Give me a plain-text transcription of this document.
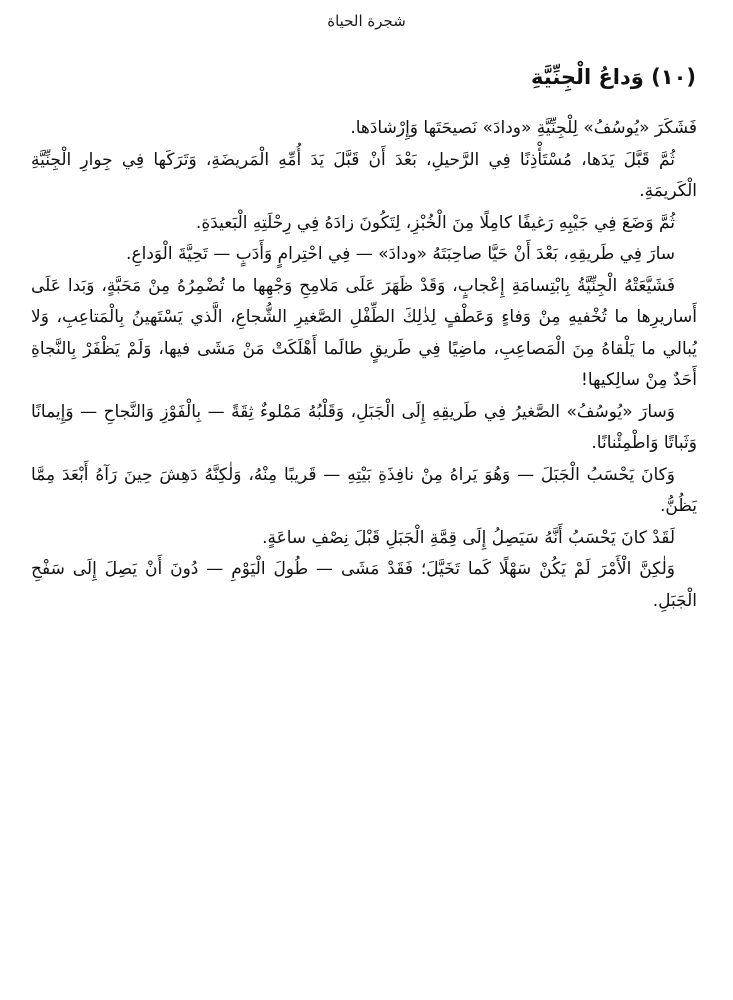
شجرة الحياة
(١٠) وَداعُ الْجِنِّيَّةِ

فَشَكَرَ «يُوسُفُ» لِلْجِنِّيَّةِ «ودادَ» نَصيحَتَها وَإِرْشادَها.

ثُمَّ قَبَّلَ يَدَها، مُسْتَأْذِنًا فِي الرَّحيلِ، بَعْدَ أَنْ قَبَّلَ يَدَ أُمِّهِ الْمَريضَةِ، وَتَرَكَها فِي جِوارِ الْجِنِّيَّةِ الْكَريمَةِ.

ثُمَّ وَضَعَ فِي جَيْبِهِ رَغيفًا كامِلًا مِنَ الْخُبْزِ، لِتَكُونَ زادَهُ فِي رِحْلَتِهِ الْبَعيدَةِ.

سارَ فِي طَريقِهِ، بَعْدَ أَنْ حَيَّا صاحِبَتَهُ «ودادَ» — فِي احْتِرامٍ وَأَدَبٍ — تَحِيَّةَ الْوَداعِ.

فَشَيَّعَتْهُ الْجِنِّيَّةُ بِابْتِسامَةِ إِعْجابٍ، وَقَدْ ظَهَرَ عَلَى مَلامِحِ وَجْهِها ما تُضْمِرُهُ مِنْ مَحَبَّةٍ، وَبَدا عَلَى أَساريرِها ما تُخْفيهِ مِنْ وَفاءٍ وَعَطْفٍ لِذٰلِكَ الطِّفْلِ الصَّغيرِ الشُّجاعِ، الَّذي يَسْتَهينُ بِالْمَتاعِبِ، وَلا يُبالي ما يَلْقاهُ مِنَ الْمَصاعِبِ، ماضِيًا فِي طَريقٍ طالَما أَهْلَكَتْ مَنْ مَشَى فيها، وَلَمْ يَظْفَرْ بِالنَّجاةِ أَحَدٌ مِنْ سالِكيها!

وَسارَ «يُوسُفُ» الصَّغيرُ فِي طَريقِهِ إِلَى الْجَبَلِ، وَقَلْبُهُ مَمْلوءٌ ثِقَةً — بِالْفَوْزِ وَالنَّجاحِ — وَإِيمانًا وَثَباتًا وَاطْمِئْنانًا.

وَكانَ يَحْسَبُ الْجَبَلَ — وَهُوَ يَراهُ مِنْ نافِذَةِ بَيْتِهِ — قَريبًا مِنْهُ، وَلٰكِنَّهُ دَهِشَ حِينَ رَآهُ أَبْعَدَ مِمَّا يَظُنُّ.

لَقَدْ كانَ يَحْسَبُ أَنَّهُ سَيَصِلُ إِلَى قِمَّةِ الْجَبَلِ قَبْلَ نِصْفِ ساعَةٍ.

وَلٰكِنَّ الْأَمْرَ لَمْ يَكُنْ سَهْلًا كَما تَخَيَّلَ؛ فَقَدْ مَشَى — طُولَ الْيَوْمِ — دُونَ أَنْ يَصِلَ إِلَى سَفْحِ الْجَبَلِ.
